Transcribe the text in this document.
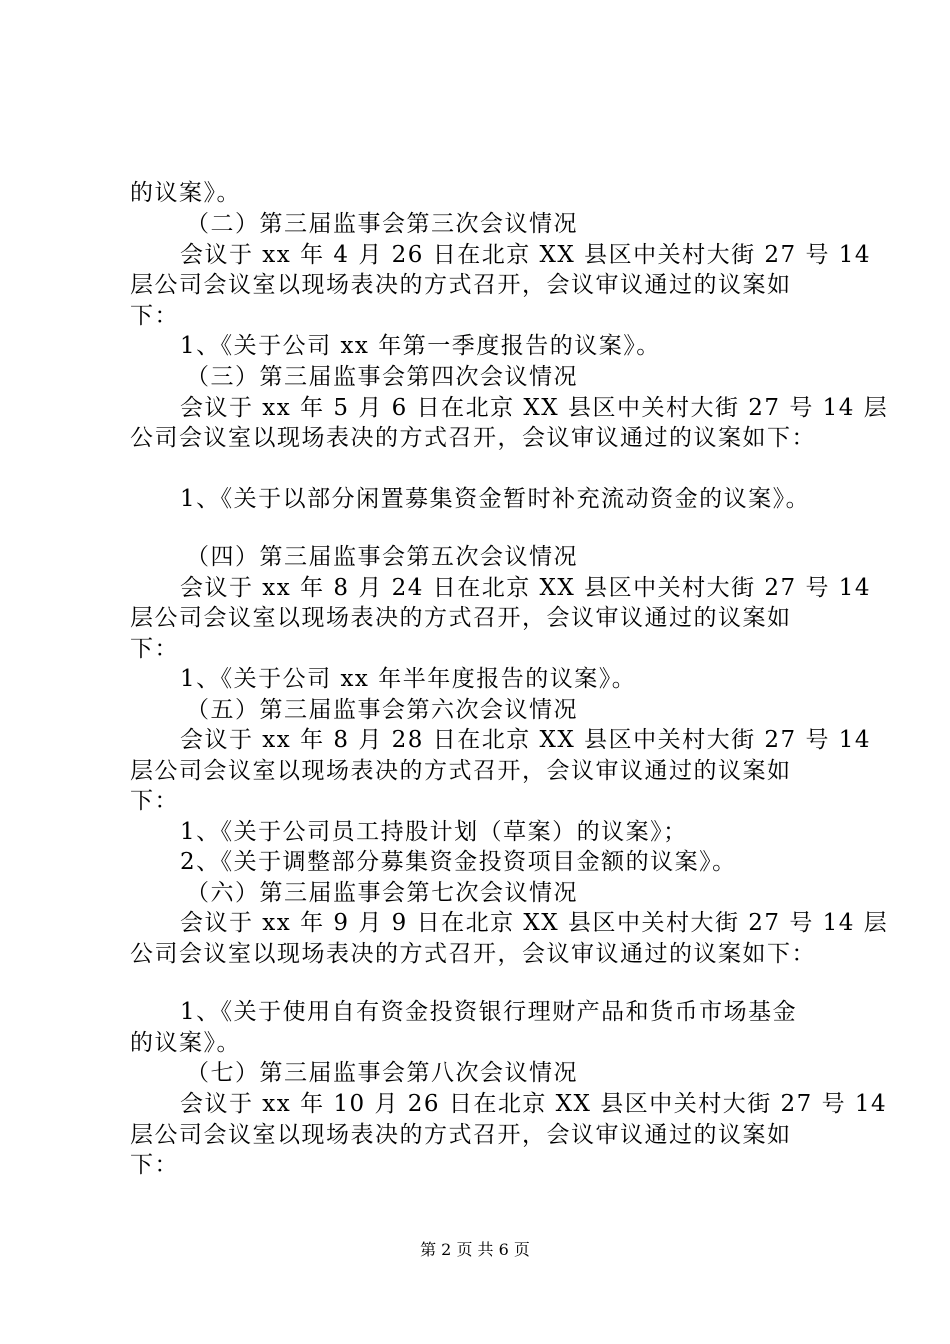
的议案》。
（二）第三届监事会第三次会议情况
会议于 xx 年 4 月 26 日在北京 XX 县区中关村大街 27 号 14
层公司会议室以现场表决的方式召开，会议审议通过的议案如
下：
1、《关于公司 xx 年第一季度报告的议案》。
（三）第三届监事会第四次会议情况
会议于 xx 年 5 月 6 日在北京 XX 县区中关村大街 27 号 14 层
公司会议室以现场表决的方式召开，会议审议通过的议案如下：
1、《关于以部分闲置募集资金暂时补充流动资金的议案》。
（四）第三届监事会第五次会议情况
会议于 xx 年 8 月 24 日在北京 XX 县区中关村大街 27 号 14
层公司会议室以现场表决的方式召开，会议审议通过的议案如
下：
1、《关于公司 xx 年半年度报告的议案》。
（五）第三届监事会第六次会议情况
会议于 xx 年 8 月 28 日在北京 XX 县区中关村大街 27 号 14
层公司会议室以现场表决的方式召开，会议审议通过的议案如
下：
1、《关于公司员工持股计划（草案）的议案》；
2、《关于调整部分募集资金投资项目金额的议案》。
（六）第三届监事会第七次会议情况
会议于 xx 年 9 月 9 日在北京 XX 县区中关村大街 27 号 14 层
公司会议室以现场表决的方式召开，会议审议通过的议案如下：
1、《关于使用自有资金投资银行理财产品和货币市场基金
的议案》。
（七）第三届监事会第八次会议情况
会议于 xx 年 10 月 26 日在北京 XX 县区中关村大街 27 号 14
层公司会议室以现场表决的方式召开，会议审议通过的议案如
下：
第 2 页 共 6 页
